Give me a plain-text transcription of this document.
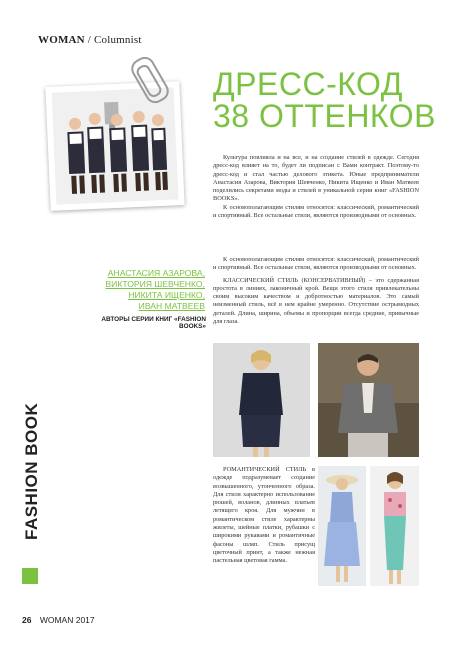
WOMAN / Columnist
ДРЕСС-КОД
38 ОТТЕНКОВ

Культура повлияла и на все, и на создание стилей в одежде. Сегодня дресс-код влияет на то, будет ли подписан с Вами контракт. Поэтому-то дресс-код и стал частью делового этикета. Юные предприниматели Анастасия Азарова, Виктория Шевченко, Никита Ищенко и Иван Матвеев поделились секретами моды и стилей в уникальной серии книг «FASHION BOOKS».

К основополагающим стилям относятся: классический, романтический и спортивный. Все остальные стили, являются производными от основных.

АНАСТАСИЯ АЗАРОВА,
ВИКТОРИЯ ШЕВЧЕНКО,
НИКИТА ИЩЕНКО,
ИВАН МАТВЕЕВ
АВТОРЫ СЕРИИ КНИГ «FASHION BOOKS»

К основополагающим стилям относятся: классический, романтический и спортивный. Все остальные стили, являются производными от основных.

КЛАССИЧЕСКИЙ СТИЛЬ (КОНСЕРВАТИВНЫЙ) – это сдержанная простота в линиях, лаконичный крой. Вещи этого стиля привлекательны своим высоким качеством и добротностью материалов. Это самый неизменный стиль, всё в нем крайне умеренно. Отсутствие острымодных деталей. Длина, ширина, объемы и пропорции всегда средние, привычные для глаза.

РОМАНТИЧЕСКИЙ СТИЛЬ в одежде подразумевает создание возвышенного, утонченного образа. Для стиля характерно использование рюшей, воланов, длинных платьев летящего кроя. Для мужчин в романтическом стиле характерны жилеты, шейные платки, рубашки с широкими рукавами и романтичные фасоны шляп. Стиль присущ цветочный принт, а также нежная пастельная цветовая гамма.

FASHION BOOK
26 WOMAN 2017
